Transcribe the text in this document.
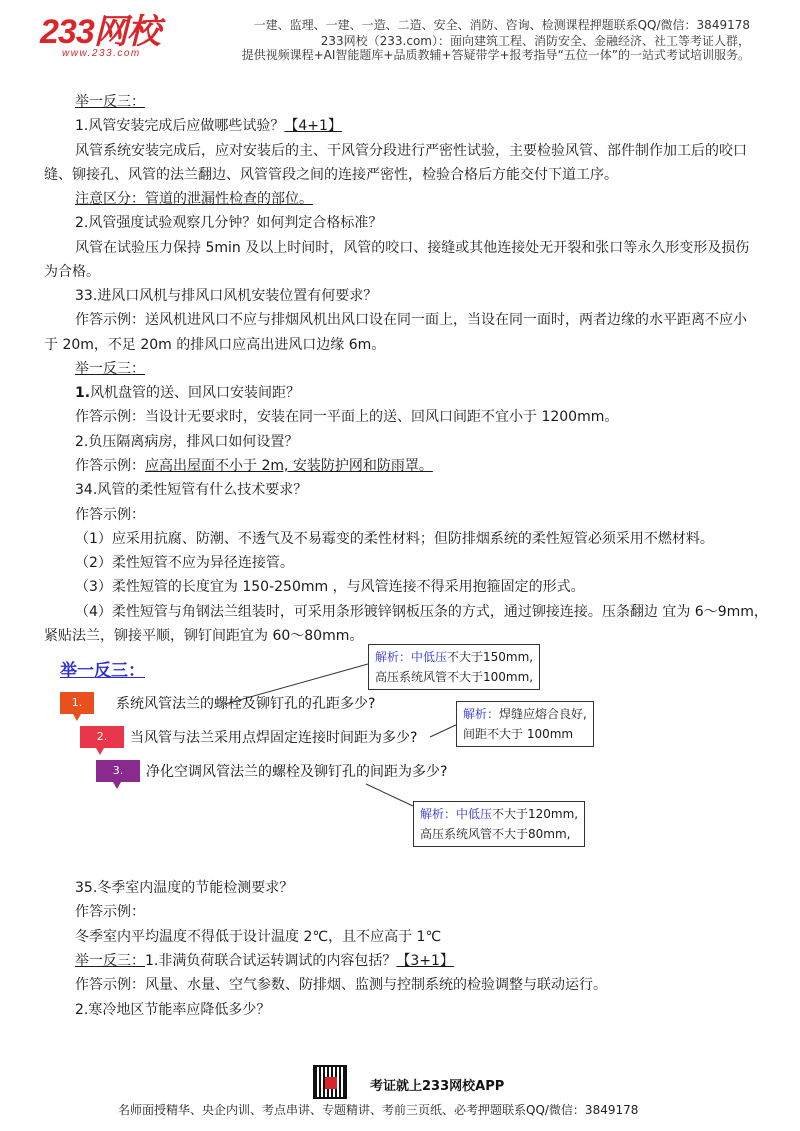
233网校
www.233.com
一建、监理、一建、一造、二造、安全、消防、咨询、检测课程押题联系QQ/微信：3849178
233网校（233.com）：面向建筑工程、消防安全、金融经济、社工等考证人群，
提供视频课程+AI智能题库+品质教辅+答疑带学+报考指导“五位一体”的一站式考试培训服务。
举一反三：
1.风管安装完成后应做哪些试验？【4+1】
风管系统安装完成后，应对安装后的主、干风管分段进行严密性试验，主要检验风管、部件制作加工后的咬口
缝、铆接孔、风管的法兰翻边、风管管段之间的连接严密性，检验合格后方能交付下道工序。
注意区分：管道的泄漏性检查的部位。
2.风管强度试验观察几分钟？如何判定合格标准？
风管在试验压力保持 5min 及以上时间时，风管的咬口、接缝或其他连接处无开裂和张口等永久形变形及损伤
为合格。
33.进风口风机与排风口风机安装位置有何要求？
作答示例：送风机进风口不应与排烟风机出风口设在同一面上，当设在同一面时，两者边缘的水平距离不应小
于 20m，不足 20m 的排风口应高出进风口边缘 6m。
举一反三：
1.风机盘管的送、回风口安装间距？
作答示例：当设计无要求时，安装在同一平面上的送、回风口间距不宜小于 1200mm。
2.负压隔离病房，排风口如何设置？
作答示例：应高出屋面不小于 2m, 安装防护网和防雨罩。
34.风管的柔性短管有什么技术要求？
作答示例：
（1）应采用抗腐、防潮、不透气及不易霉变的柔性材料；但防排烟系统的柔性短管必须采用不燃材料。
（2）柔性短管不应为异径连接管。
（3）柔性短管的长度宜为 150-250mm ，与风管连接不得采用抱箍固定的形式。
（4）柔性短管与角钢法兰组装时，可采用条形镀锌钢板压条的方式，通过铆接连接。压条翻边 宜为 6～9mm，
紧贴法兰，铆接平顺，铆钉间距宜为 60～80mm。
举一反三：
1.	系统风管法兰的螺栓及铆钉孔的孔距多少?
2.	当风管与法兰采用点焊固定连接时间距为多少?
3.	净化空调风管法兰的螺栓及铆钉孔的间距为多少?
解析：中低压不大于150mm,
高压系统风管不大于100mm,
解析：焊缝应熔合良好,
间距不大于 100mm
解析：中低压不大于120mm,
高压系统风管不大于80mm,
35.冬季室内温度的节能检测要求？
作答示例：
冬季室内平均温度不得低于设计温度 2℃，且不应高于 1℃
举一反三：1.非满负荷联合试运转调试的内容包括？【3+1】
作答示例：风量、水量、空气参数、防排烟、监测与控制系统的检验调整与联动运行。
2.寒冷地区节能率应降低多少？
考证就上233网校APP
名师面授精华、央企内训、考点串讲、专题精讲、考前三页纸、必考押题联系QQ/微信：3849178
